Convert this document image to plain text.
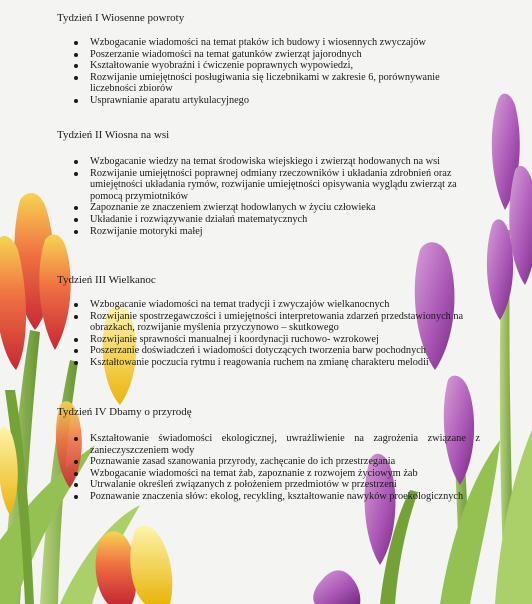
Tydzień I Wiosenne powroty
Wzbogacanie wiadomości na temat ptaków ich budowy i wiosennych zwyczajów
Poszerzanie wiadomości na temat gatunków zwierząt jajorodnych
Kształtowanie wyobraźni i ćwiczenie poprawnych wypowiedzi,
Rozwijanie umiejętności posługiwania się liczebnikami w zakresie 6, porównywanie liczebności zbiorów
Usprawnianie aparatu artykulacyjnego
Tydzień II Wiosna na wsi
Wzbogacanie wiedzy na temat środowiska wiejskiego i zwierząt hodowanych na wsi
Rozwijanie umiejętności poprawnej odmiany rzeczowników i układania zdrobnień oraz umiejętności układania rymów, rozwijanie umiejętności opisywania wyglądu zwierząt za pomocą przymiotników
Zapoznanie ze znaczeniem zwierząt hodowlanych w życiu człowieka
Układanie i rozwiązywanie działań matematycznych
Rozwijanie motoryki małej
Tydzień III Wielkanoc
Wzbogacanie wiadomości na temat tradycji i zwyczajów wielkanocnych
Rozwijanie spostrzegawczości i umiejętności interpretowania zdarzeń przedstawionych na obrazkach, rozwijanie myślenia przyczynowo – skutkowego
Rozwijanie sprawności manualnej i koordynacji ruchowo- wzrokowej
Poszerzanie doświadczeń i wiadomości dotyczących tworzenia barw pochodnych
Kształtowanie poczucia rytmu i reagowania ruchem na zmianę charakteru melodii
Tydzień IV Dbamy o przyrodę
Kształtowanie świadomości ekologicznej, uwrażliwienie na zagrożenia związane z zanieczyszczeniem wody
Poznawanie zasad szanowania przyrody, zachęcanie do ich przestrzegania
Wzbogacanie wiadomości na temat żab, zapoznanie z rozwojem życiowym żab
Utrwalanie określeń związanych z położeniem przedmiotów w przestrzeni
Poznawanie znaczenia słów: ekolog, recykling, kształtowanie nawyków proekologicznych
